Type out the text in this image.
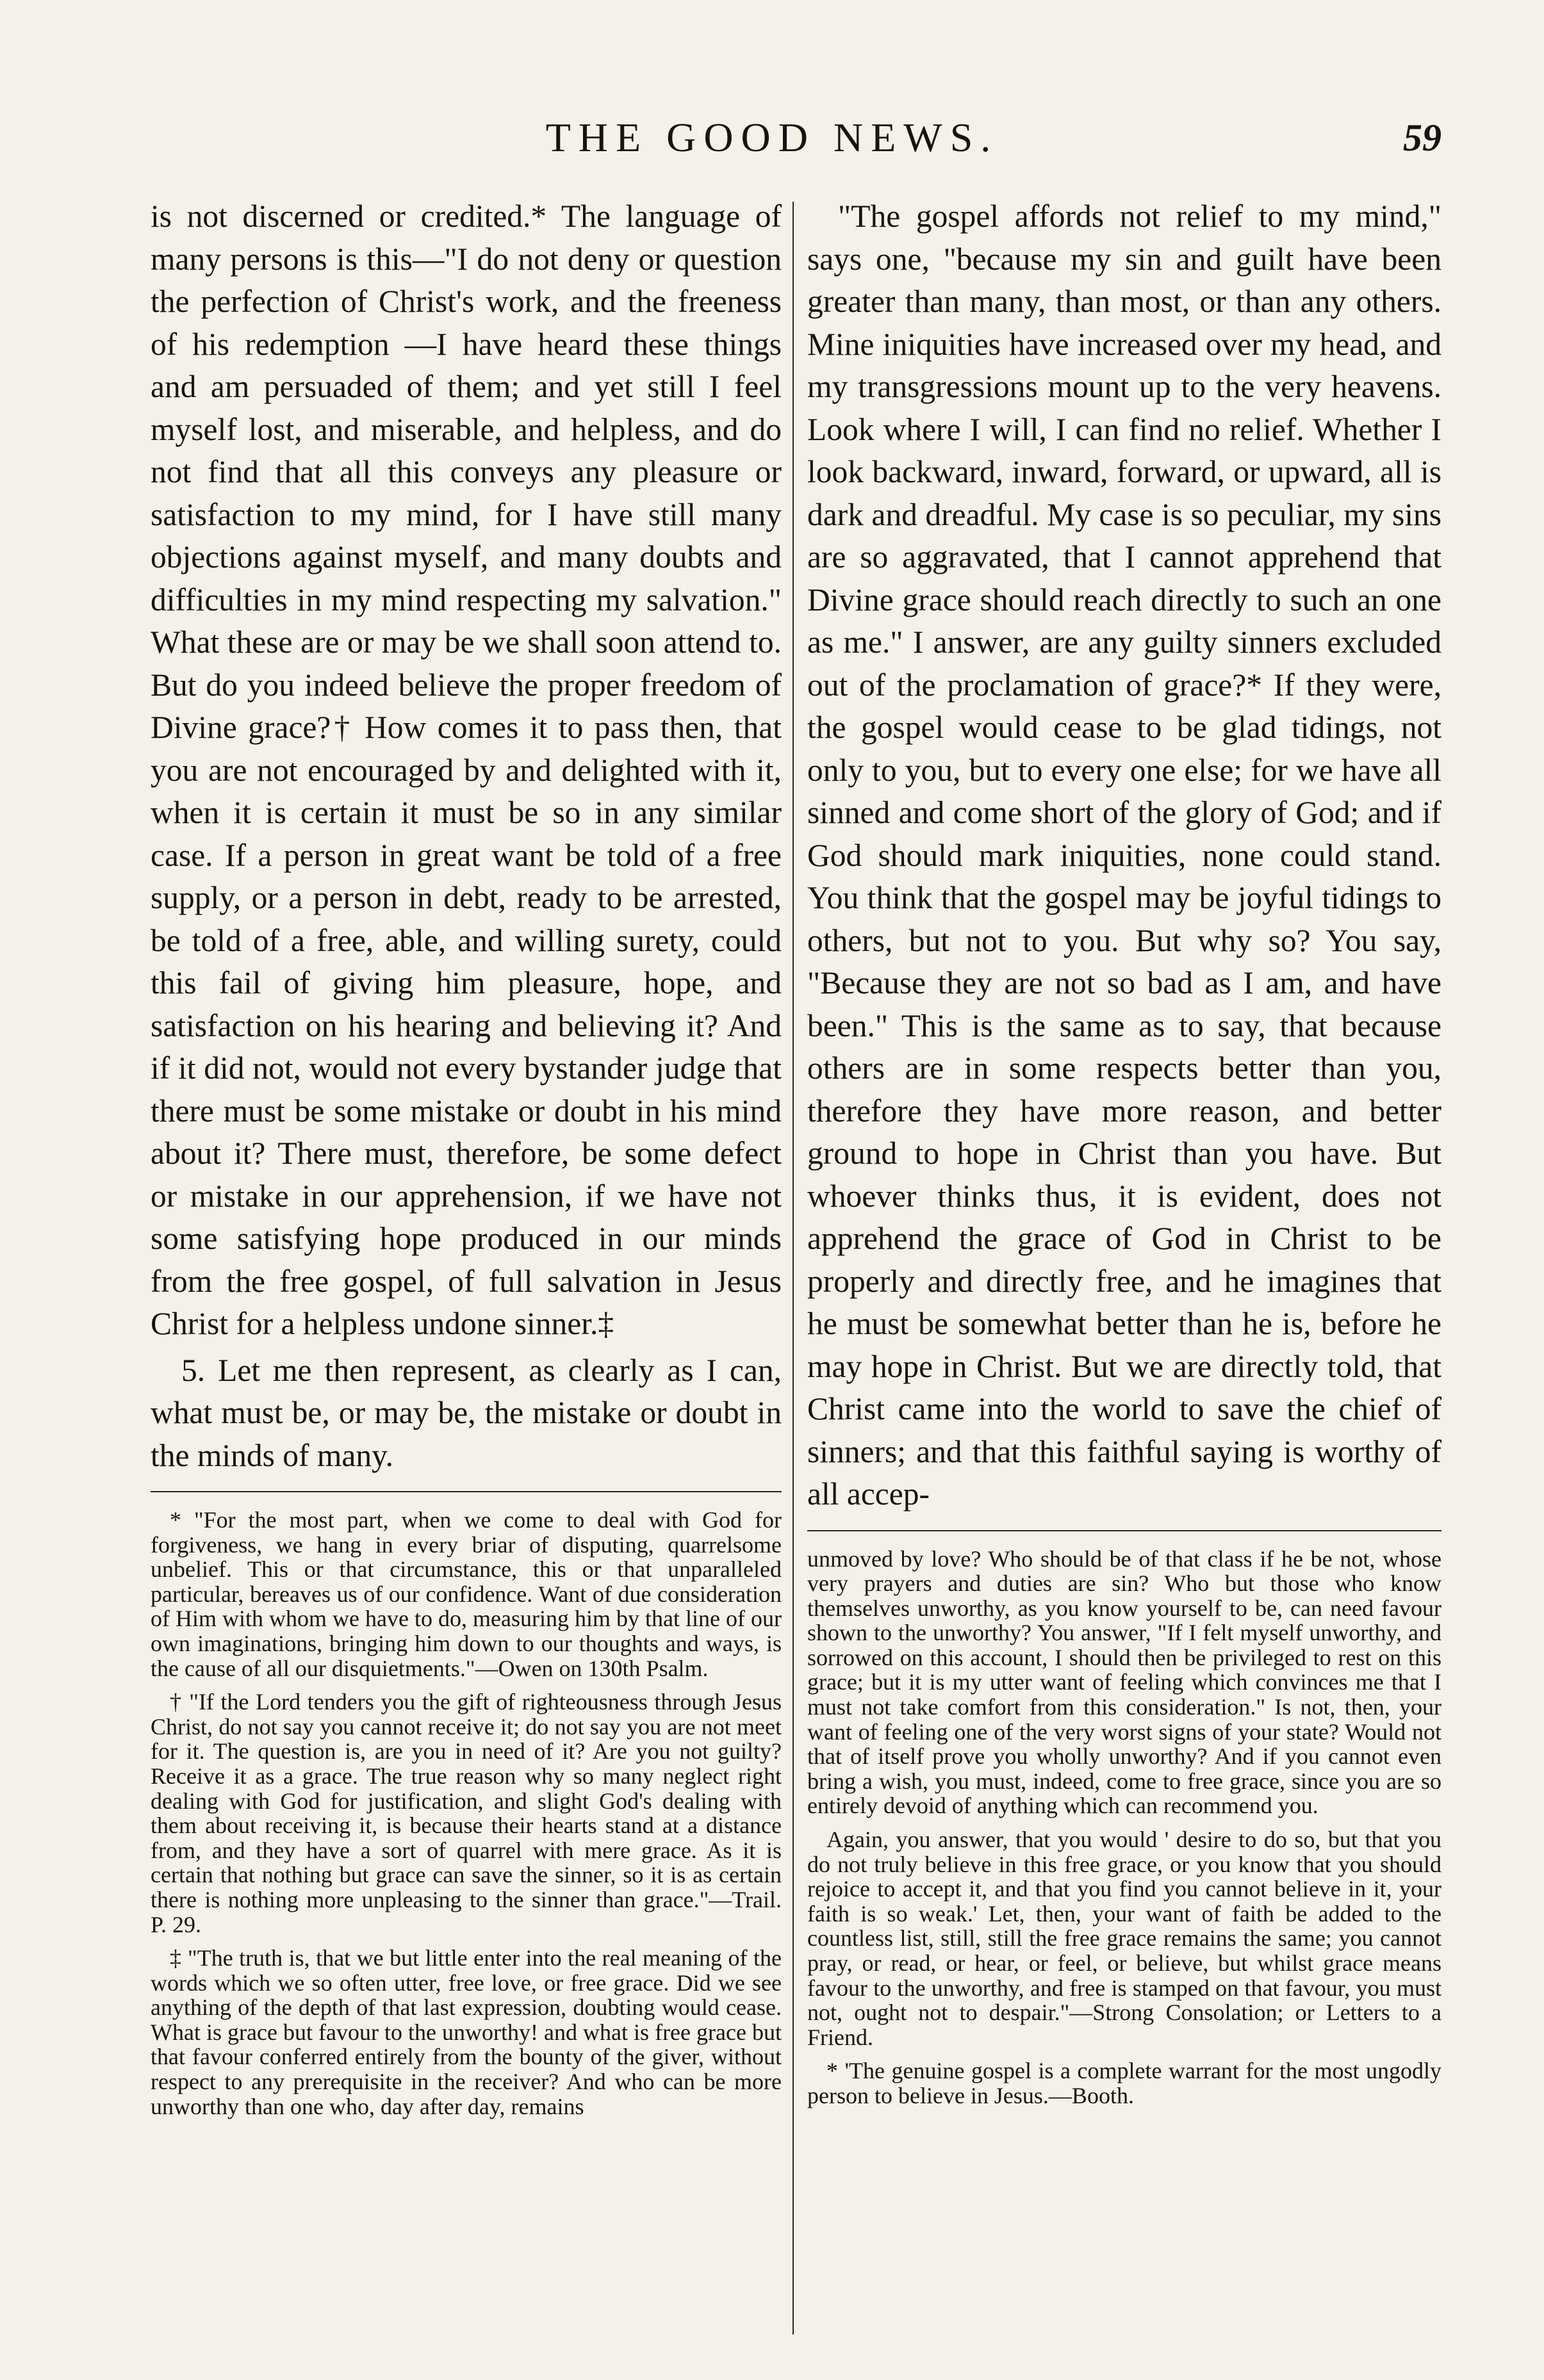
THE GOOD NEWS.	59

is not discerned or credited.* The language of many persons is this—"I do not deny or question the perfection of Christ's work, and the freeness of his redemption —I have heard these things and am persuaded of them; and yet still I feel myself lost, and miserable, and helpless, and do not find that all this conveys any pleasure or satisfaction to my mind, for I have still many objections against myself, and many doubts and difficulties in my mind respecting my salvation." What these are or may be we shall soon attend to. But do you indeed believe the proper freedom of Divine grace?† How comes it to pass then, that you are not encouraged by and delighted with it, when it is certain it must be so in any similar case. If a person in great want be told of a free supply, or a person in debt, ready to be arrested, be told of a free, able, and willing surety, could this fail of giving him pleasure, hope, and satisfaction on his hearing and believing it? And if it did not, would not every bystander judge that there must be some mistake or doubt in his mind about it? There must, therefore, be some defect or mistake in our apprehension, if we have not some satisfying hope produced in our minds from the free gospel, of full salvation in Jesus Christ for a helpless undone sinner.‡

5. Let me then represent, as clearly as I can, what must be, or may be, the mistake or doubt in the minds of many.

* "For the most part, when we come to deal with God for forgiveness, we hang in every briar of disputing, quarrelsome unbelief. This or that circumstance, this or that unparalleled particular, bereaves us of our confidence. Want of due consideration of Him with whom we have to do, measuring him by that line of our own imaginations, bringing him down to our thoughts and ways, is the cause of all our disquietments."—Owen on 130th Psalm.

† "If the Lord tenders you the gift of righteousness through Jesus Christ, do not say you cannot receive it; do not say you are not meet for it. The question is, are you in need of it? Are you not guilty? Receive it as a grace. The true reason why so many neglect right dealing with God for justification, and slight God's dealing with them about receiving it, is because their hearts stand at a distance from, and they have a sort of quarrel with mere grace. As it is certain that nothing but grace can save the sinner, so it is as certain there is nothing more unpleasing to the sinner than grace."—Trail. P. 29.

‡ "The truth is, that we but little enter into the real meaning of the words which we so often utter, free love, or free grace. Did we see anything of the depth of that last expression, doubting would cease. What is grace but favour to the unworthy! and what is free grace but that favour conferred entirely from the bounty of the giver, without respect to any prerequisite in the receiver? And who can be more unworthy than one who, day after day, remains

"The gospel affords not relief to my mind," says one, "because my sin and guilt have been greater than many, than most, or than any others. Mine iniquities have increased over my head, and my transgressions mount up to the very heavens. Look where I will, I can find no relief. Whether I look backward, inward, forward, or upward, all is dark and dreadful. My case is so peculiar, my sins are so aggravated, that I cannot apprehend that Divine grace should reach directly to such an one as me." I answer, are any guilty sinners excluded out of the proclamation of grace?* If they were, the gospel would cease to be glad tidings, not only to you, but to every one else; for we have all sinned and come short of the glory of God; and if God should mark iniquities, none could stand. You think that the gospel may be joyful tidings to others, but not to you. But why so? You say, "Because they are not so bad as I am, and have been." This is the same as to say, that because others are in some respects better than you, therefore they have more reason, and better ground to hope in Christ than you have. But whoever thinks thus, it is evident, does not apprehend the grace of God in Christ to be properly and directly free, and he imagines that he must be somewhat better than he is, before he may hope in Christ. But we are directly told, that Christ came into the world to save the chief of sinners; and that this faithful saying is worthy of all accep-

unmoved by love? Who should be of that class if he be not, whose very prayers and duties are sin? Who but those who know themselves unworthy, as you know yourself to be, can need favour shown to the unworthy? You answer, "If I felt myself unworthy, and sorrowed on this account, I should then be privileged to rest on this grace; but it is my utter want of feeling which convinces me that I must not take comfort from this consideration." Is not, then, your want of feeling one of the very worst signs of your state? Would not that of itself prove you wholly unworthy? And if you cannot even bring a wish, you must, indeed, come to free grace, since you are so entirely devoid of anything which can recommend you.

Again, you answer, that you would ' desire to do so, but that you do not truly believe in this free grace, or you know that you should rejoice to accept it, and that you find you cannot believe in it, your faith is so weak.' Let, then, your want of faith be added to the countless list, still, still the free grace remains the same; you cannot pray, or read, or hear, or feel, or believe, but whilst grace means favour to the unworthy, and free is stamped on that favour, you must not, ought not to despair."—Strong Consolation; or Letters to a Friend.

* 'The genuine gospel is a complete warrant for the most ungodly person to believe in Jesus.—Booth.
